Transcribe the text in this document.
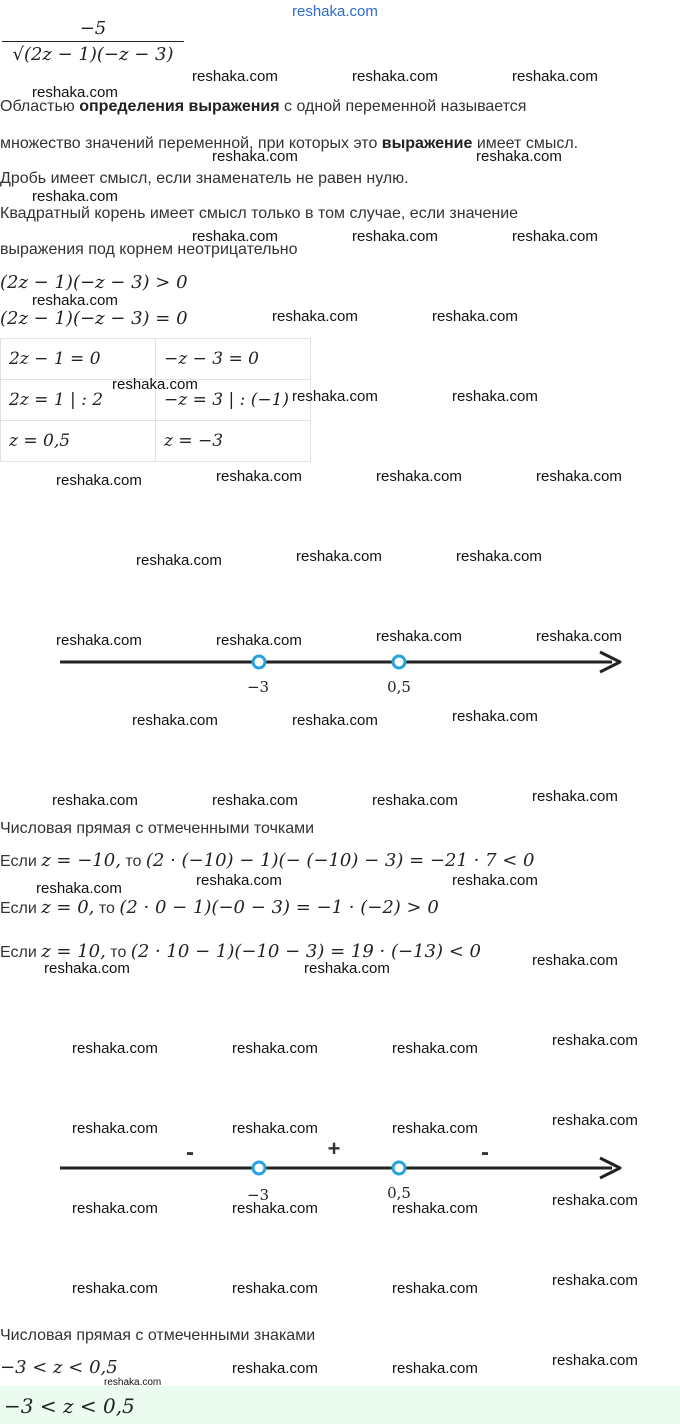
reshaka.com
−5
√(2z − 1)(−z − 3)
Областью определения выражения с одной переменной называется
множество значений переменной, при которых это выражение имеет смысл.
Дробь имеет смысл, если знаменатель не равен нулю.
Квадратный корень имеет смысл только в том случае, если значение
выражения под корнем неотрицательно
(2z − 1)(−z − 3) > 0
(2z − 1)(−z − 3) = 0
2z − 1 = 0	−z − 3 = 0
2z = 1 | : 2	−z = 3 | : (−1)
z = 0,5	z = −3
−3	0,5
Числовая прямая с отмеченными точками
Если z = −10, то (2 · (−10) − 1)(− (−10) − 3) = −21 · 7 < 0
Если z = 0, то (2 · 0 − 1)(−0 − 3) = −1 · (−2) > 0
Если z = 10, то (2 · 10 − 1)(−10 − 3) = 19 · (−13) < 0
-	+	-
−3	0,5
Числовая прямая с отмеченными знаками
−3 < z < 0,5
−3 < z < 0,5
reshaka.com	reshaka.com	reshaka.com
reshaka.com
reshaka.com	reshaka.com
reshaka.com
reshaka.com	reshaka.com	reshaka.com
reshaka.com
reshaka.com	reshaka.com
reshaka.com
reshaka.com	reshaka.com
reshaka.com	reshaka.com	reshaka.com	reshaka.com
reshaka.com	reshaka.com	reshaka.com
reshaka.com	reshaka.com	reshaka.com	reshaka.com
reshaka.com	reshaka.com	reshaka.com
reshaka.com	reshaka.com	reshaka.com	reshaka.com
reshaka.com	reshaka.com	reshaka.com
reshaka.com	reshaka.com	reshaka.com
reshaka.com	reshaka.com	reshaka.com	reshaka.com
reshaka.com	reshaka.com	reshaka.com	reshaka.com
reshaka.com	reshaka.com	reshaka.com	reshaka.com
reshaka.com	reshaka.com	reshaka.com	reshaka.com
reshaka.com	reshaka.com	reshaka.com
reshaka.com
